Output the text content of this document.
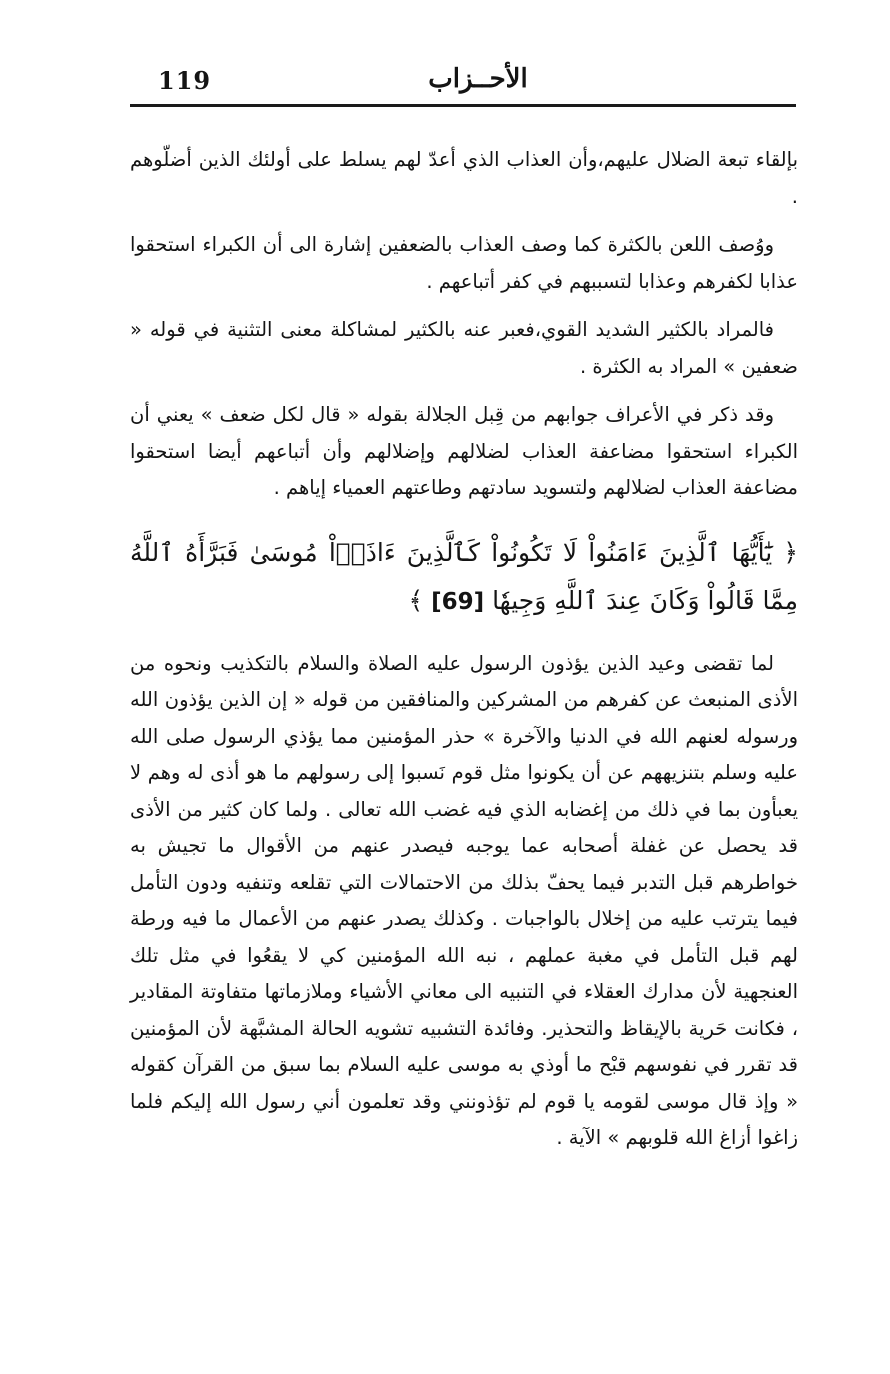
119	الأحــزاب

بإلقاء تبعة الضلال عليهم،وأن العذاب الذي أعدّ لهم يسلط على أولئك الذين أضلّوهم .

ووُصف اللعن بالكثرة كما وصف العذاب بالضعفين إشارة الى أن الكبراء استحقوا عذابا لكفرهم وعذابا لتسببهم في كفر أتباعهم .

فالمراد بالكثير الشديد القوي،فعبر عنه بالكثير لمشاكلة معنى التثنية في قوله « ضعفين » المراد به الكثرة .

وقد ذكر في الأعراف جوابهم من قِبل الجلالة بقوله « قال لكل ضعف » يعني أن الكبراء استحقوا مضاعفة العذاب لضلالهم وإضلالهم وأن أتباعهم أيضا استحقوا مضاعفة العذاب لضلالهم ولتسويد سادتهم وطاعتهم العمياء إياهم .

﴿ يَٰٓأَيُّهَا ٱلَّذِينَ ءَامَنُواْ لَا تَكُونُواْ كَٱلَّذِينَ ءَاذَوۡاْ مُوسَىٰ فَبَرَّأَهُ ٱللَّهُ مِمَّا قَالُواْ وَكَانَ عِندَ ٱللَّهِ وَجِيهٗا [69] ﴾

لما تقضى وعيد الذين يؤذون الرسول عليه الصلاة والسلام بالتكذيب ونحوه من الأذى المنبعث عن كفرهم من المشركين والمنافقين من قوله « إن الذين يؤذون الله ورسوله لعنهم الله في الدنيا والآخرة » حذر المؤمنين مما يؤذي الرسول صلى الله عليه وسلم بتنزيههم عن أن يكونوا مثل قوم نَسبوا إلى رسولهم ما هو أذى له وهم لا يعبأون بما في ذلك من إغضابه الذي فيه غضب الله تعالى . ولما كان كثير من الأذى قد يحصل عن غفلة أصحابه عما يوجبه فيصدر عنهم من الأقوال ما تجيش به خواطرهم قبل التدبر فيما يحفّ بذلك من الاحتمالات التي تقلعه وتنفيه ودون التأمل فيما يترتب عليه من إخلال بالواجبات . وكذلك يصدر عنهم من الأعمال ما فيه ورطة لهم قبل التأمل في مغبة عملهم ، نبه الله المؤمنين كي لا يقعُوا في مثل تلك العنجهية لأن مدارك العقلاء في التنبيه الى معاني الأشياء وملازماتها متفاوتة المقادير ، فكانت حَرية بالإيقاظ والتحذير. وفائدة التشبيه تشويه الحالة المشبَّهة لأن المؤمنين قد تقرر في نفوسهم قبْح ما أوذي به موسى عليه السلام بما سبق من القرآن كقوله « وإذ قال موسى لقومه يا قوم لم تؤذونني وقد تعلمون أني رسول الله إليكم فلما زاغوا أزاغ الله قلوبهم » الآية .
